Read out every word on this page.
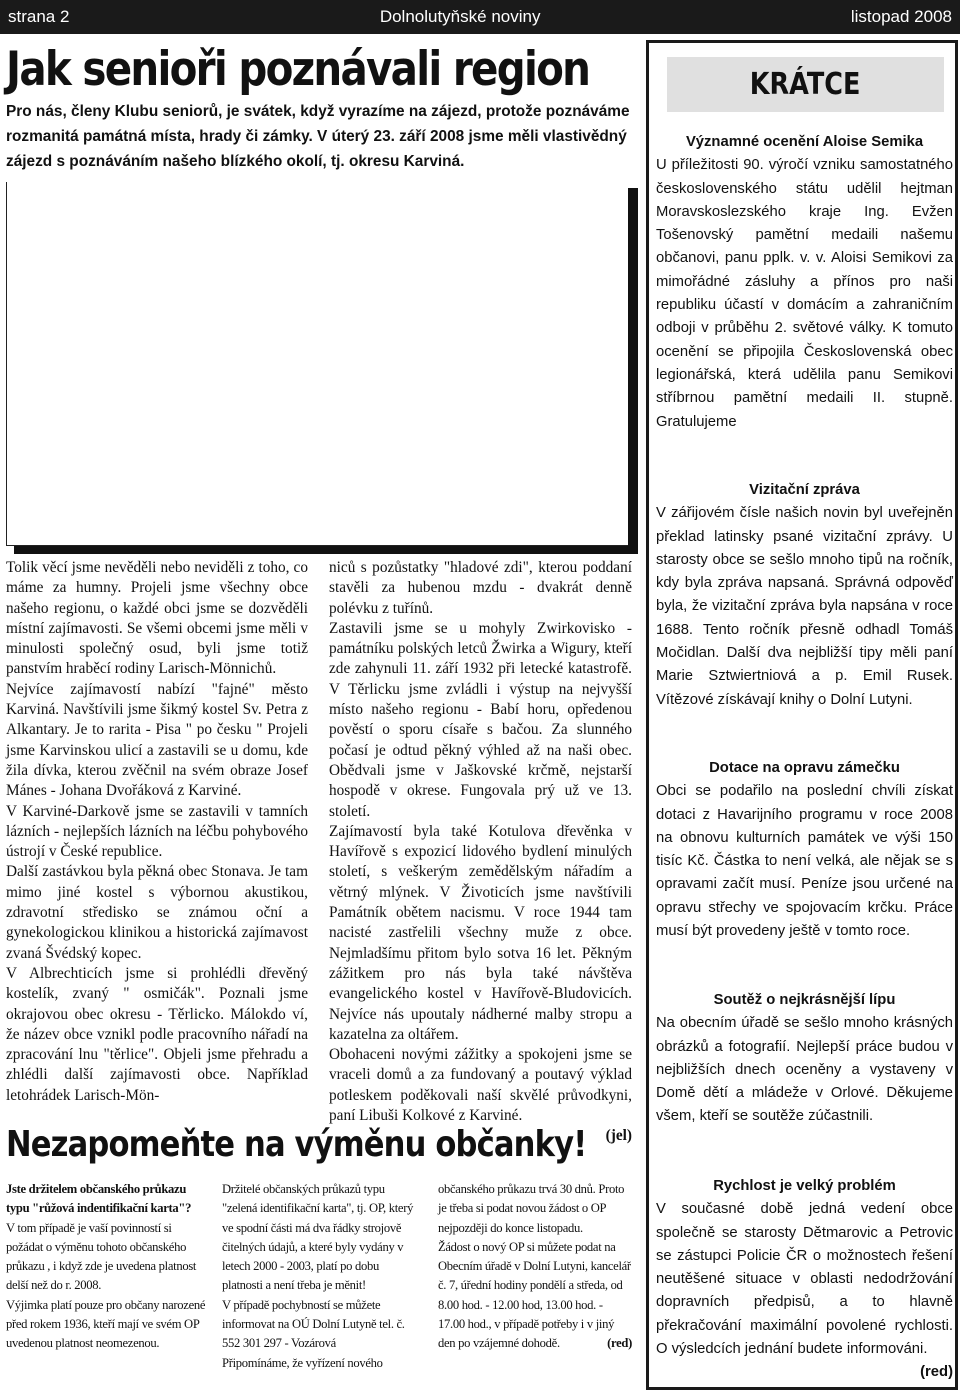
strana 2	Dolnolutyňské noviny	listopad 2008
Jak senioři poznávali region

Pro nás, členy Klubu seniorů, je svátek, když vyrazíme na zájezd, protože poznáváme rozmanitá památná místa, hrady či zámky. V úterý 23. září 2008 jsme měli vlastivědný zájezd s poznáváním našeho blízkého okolí, tj. okresu Karviná.

Tolik věcí jsme nevěděli nebo neviděli z toho, co máme za humny. Projeli jsme všechny obce našeho regionu, o každé obci jsme se dozvěděli místní zajímavosti. Se všemi obcemi jsme měli v minulosti společný osud, byli jsme totiž panstvím hraběcí rodiny Larisch-Mönnichů.

Nejvíce zajímavostí nabízí "fajné" město Karviná. Navštívili jsme šikmý kostel Sv. Petra z Alkantary. Je to rarita - Pisa " po česku " Projeli jsme Karvinskou ulicí a zastavili se u domu, kde žila dívka, kterou zvěčnil na svém obraze Josef Mánes - Johana Dvořáková z Karviné.

V Karviné-Darkově jsme se zastavili v tamních lázních - nejlepších lázních na léčbu pohybového ústrojí v České republice.

Další zastávkou byla pěkná obec Stonava. Je tam mimo jiné kostel s výbornou akustikou, zdravotní středisko se známou oční a gynekologickou klinikou a historická zajímavost zvaná Švédský kopec.

V Albrechticích jsme si prohlédli dřevěný kostelík, zvaný " osmičák". Poznali jsme okrajovou obec okresu - Těrlicko. Málokdo ví, že název obce vznikl podle pracovního nářadí na zpracování lnu "těrlice". Objeli jsme přehradu a zhlédli další zajímavosti obce. Například letohrádek Larisch-Mön-

niců s pozůstatky "hladové zdi", kterou poddaní stavěli za hubenou mzdu - dvakrát denně polévku z tuřínů.

Zastavili jsme se u mohyly Zwirkovisko - památníku polských letců Žwirka a Wigury, kteří zde zahynuli 11. září 1932 při letecké katastrofě. V Těrlicku jsme zvládli i výstup na nejvyšší místo našeho regionu - Babí horu, opředenou pověstí o sporu císaře s bačou. Za slunného počasí je odtud pěkný výhled až na naši obec. Obědvali jsme v Jaškovské krčmě, nejstarší hospodě v okrese. Fungovala prý už ve 13. století.

Zajímavostí byla také Kotulova dřevěnka v Havířově s expozicí lidového bydlení minulých století, s veškerým zemědělským nářadím a větrný mlýnek. V Životicích jsme navštívili Památník obětem nacismu. V roce 1944 tam nacisté zastřelili všechny muže z obce. Nejmladšímu přitom bylo sotva 16 let. Pěkným zážitkem pro nás byla také návštěva evangelického kostel v Havířově-Bludovicích. Nejvíce nás upoutaly nádherné malby stropu a kazatelna za oltářem.

Obohaceni novými zážitky a spokojeni jsme se vraceli domů a za fundovaný a poutavý výklad potleskem poděkovali naší skvělé průvodkyni, paní Libuši Kolkové z Karviné.

(jel)

Nezapomeňte na výměnu občanky!

Jste držitelem občanského průkazu typu "růžová indentifikační karta"?

V tom případě je vaší povinností si požádat o výměnu tohoto občanského průkazu , i když zde je uvedena platnost delší než do r. 2008.

Výjimka platí pouze pro občany narozené před rokem 1936, kteří mají ve svém OP uvedenou platnost neomezenou.

Držitelé občanských průkazů typu "zelená identifikační karta", tj. OP, který ve spodní části má dva řádky strojově čitelných údajů, a které byly vydány v letech 2000 - 2003, platí po dobu platnosti a není třeba je měnit!

V případě pochybností se můžete informovat na OÚ Dolní Lutyně tel. č. 552 301 297 - Vozárová

Připomínáme, že vyřízení nového

občanského průkazu trvá 30 dnů. Proto je třeba si podat novou žádost o OP nejpozději do konce listopadu.

Žádost o nový OP si můžete podat na Obecním úřadě v Dolní Lutyni, kancelář č. 7, úřední hodiny pondělí a středa, od 8.00 hod. - 12.00 hod, 13.00 hod. - 17.00 hod., v případě potřeby i v jiný den po vzájemné dohodě.	(red)

KRÁTCE
Významné ocenění Aloise Semika

U příležitosti 90. výročí vzniku samostatného československého státu udělil hejtman Moravskoslezského kraje Ing. Evžen Tošenovský pamětní medaili našemu občanovi, panu pplk. v. v. Aloisi Semikovi za mimořádné zásluhy a přínos pro naši republiku účastí v domácím a zahraničním odboji v průběhu 2. světové války. K tomuto ocenění se připojila Československá obec legionářská, která udělila panu Semikovi stříbrnou pamětní medaili II. stupně. Gratulujeme

Vizitační zpráva

V zářijovém čísle našich novin byl uveřejněn překlad latinsky psané vizitační zprávy. U starosty obce se sešlo mnoho tipů na ročník, kdy byla zpráva napsaná. Správná odpověď byla, že vizitační zpráva byla napsána v roce 1688. Tento ročník přesně odhadl Tomáš Močidlan. Další dva nejbližší tipy měli paní Marie Sztwiertniová a p. Emil Rusek. Vítězové získávají knihy o Dolní Lutyni.

Dotace na opravu zámečku

Obci se podařilo na poslední chvíli získat dotaci z Havarijního programu v roce 2008 na obnovu kulturních památek ve výši 150 tisíc Kč. Částka to není velká, ale nějak se s opravami začít musí. Peníze jsou určené na opravu střechy ve spojovacím krčku. Práce musí být provedeny ještě v tomto roce.

Soutěž o nejkrásnější lípu

Na obecním úřadě se sešlo mnoho krásných obrázků a fotografií. Nejlepší práce budou v nejbližších dnech oceněny a vystaveny v Domě dětí a mládeže v Orlové. Děkujeme všem, kteří se soutěže zúčastnili.

Rychlost je velký problém

V současné době jedná vedení obce společně se starosty Dětmarovic a Petrovic se zástupci Policie ČR o možnostech řešení neutěšené situace v oblasti nedodržování dopravních předpisů, a to hlavně překračování maximální povolené rychlosti. O výsledcích jednání budete informováni.
(red)
